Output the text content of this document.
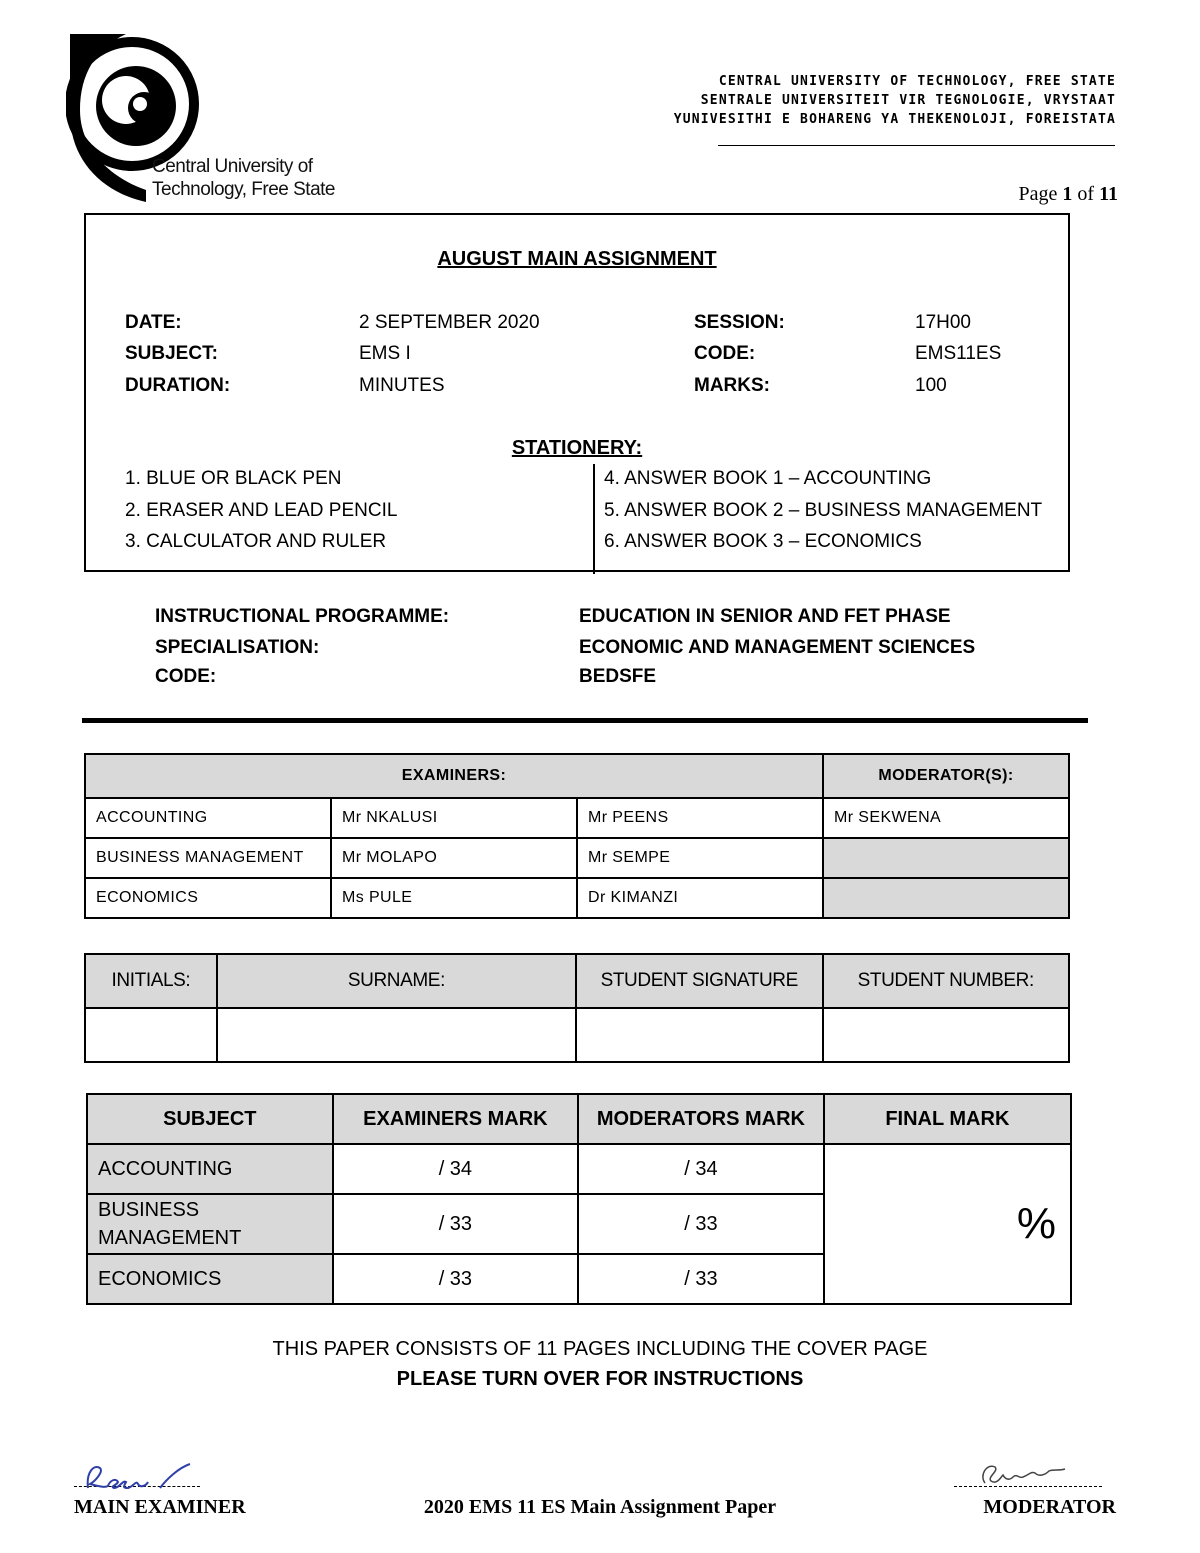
Central University of
Technology, Free State
CENTRAL UNIVERSITY OF TECHNOLOGY, FREE STATE
SENTRALE UNIVERSITEIT VIR TEGNOLOGIE, VRYSTAAT
YUNIVESITHI E BOHARENG YA THEKENOLOJI, FOREISTATA
Page 1 of 11
AUGUST MAIN ASSIGNMENT
DATE:	2 SEPTEMBER 2020	SESSION:	17H00
SUBJECT:	EMS I	CODE:	EMS11ES
DURATION:	MINUTES	MARKS:	100
STATIONERY:
1. BLUE OR BLACK PEN
2. ERASER AND LEAD PENCIL
3. CALCULATOR AND RULER
4. ANSWER BOOK 1 – ACCOUNTING
5. ANSWER BOOK 2 – BUSINESS MANAGEMENT
6. ANSWER BOOK 3 – ECONOMICS
INSTRUCTIONAL PROGRAMME:	EDUCATION IN SENIOR AND FET PHASE
SPECIALISATION:	ECONOMIC AND MANAGEMENT SCIENCES
CODE:	BEDSFE
EXAMINERS:			MODERATOR(S):
ACCOUNTING	Mr NKALUSI	Mr PEENS	Mr SEKWENA
BUSINESS MANAGEMENT	Mr MOLAPO	Mr SEMPE	
ECONOMICS	Ms PULE	Dr KIMANZI	
INITIALS:	SURNAME:	STUDENT SIGNATURE	STUDENT NUMBER:

SUBJECT	EXAMINERS MARK	MODERATORS MARK	FINAL MARK
ACCOUNTING	/ 34	/ 34	%
BUSINESS MANAGEMENT	/ 33	/ 33	
ECONOMICS	/ 33	/ 33	
THIS PAPER CONSISTS OF 11 PAGES INCLUDING THE COVER PAGE
PLEASE TURN OVER FOR INSTRUCTIONS
MAIN EXAMINER	2020 EMS 11 ES Main Assignment Paper	MODERATOR
